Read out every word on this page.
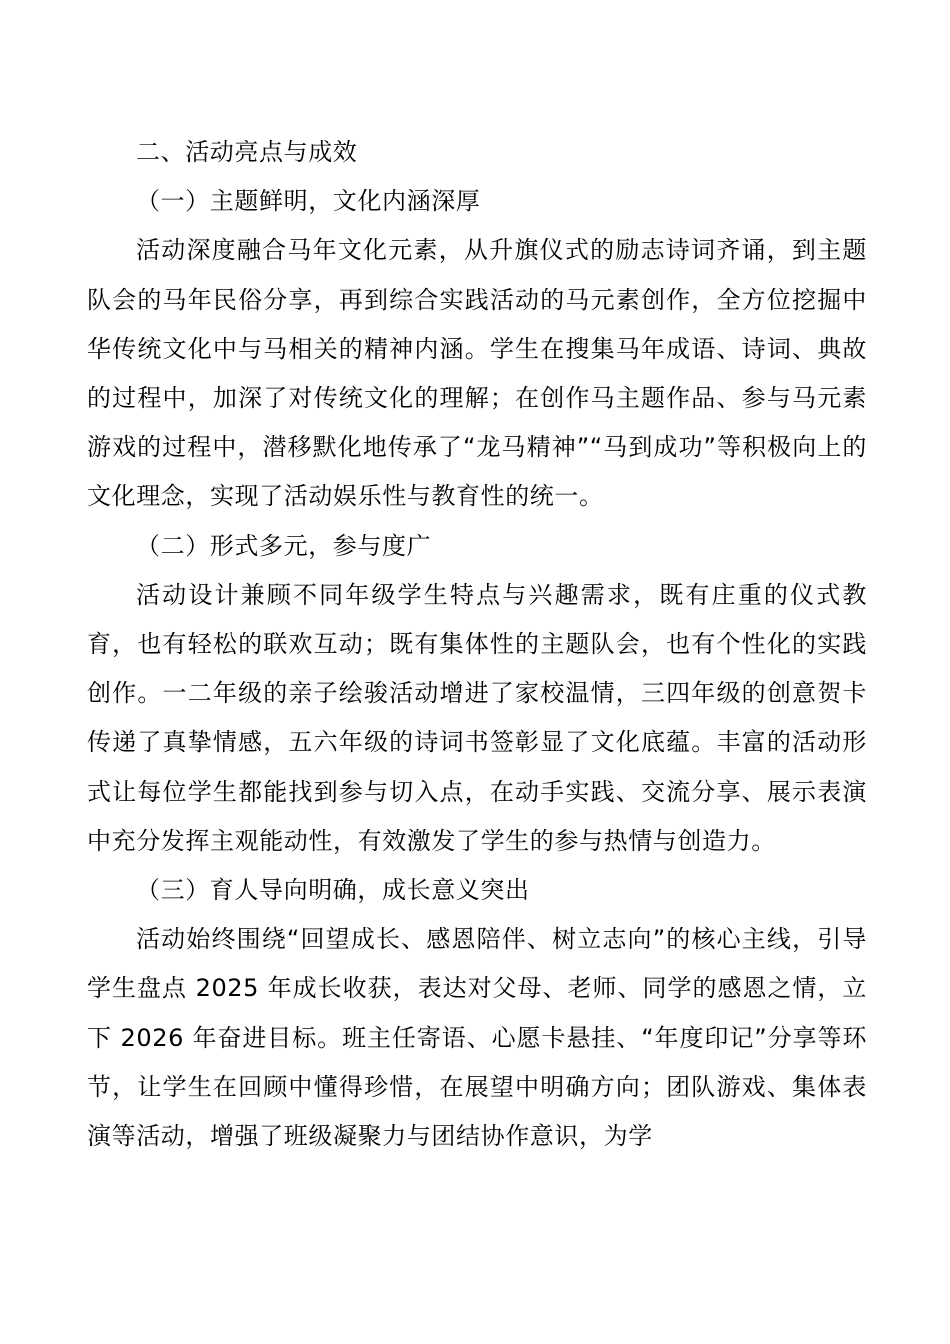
二、活动亮点与成效

（一）主题鲜明，文化内涵深厚

活动深度融合马年文化元素，从升旗仪式的励志诗词齐诵，到主题队会的马年民俗分享，再到综合实践活动的马元素创作，全方位挖掘中华传统文化中与马相关的精神内涵。学生在搜集马年成语、诗词、典故的过程中，加深了对传统文化的理解；在创作马主题作品、参与马元素游戏的过程中，潜移默化地传承了“龙马精神”“马到成功”等积极向上的文化理念，实现了活动娱乐性与教育性的统一。

（二）形式多元，参与度广

活动设计兼顾不同年级学生特点与兴趣需求，既有庄重的仪式教育，也有轻松的联欢互动；既有集体性的主题队会，也有个性化的实践创作。一二年级的亲子绘骏活动增进了家校温情，三四年级的创意贺卡传递了真挚情感，五六年级的诗词书签彰显了文化底蕴。丰富的活动形式让每位学生都能找到参与切入点，在动手实践、交流分享、展示表演中充分发挥主观能动性，有效激发了学生的参与热情与创造力。

（三）育人导向明确，成长意义突出

活动始终围绕“回望成长、感恩陪伴、树立志向”的核心主线，引导学生盘点 2025 年成长收获，表达对父母、老师、同学的感恩之情，立下 2026 年奋进目标。班主任寄语、心愿卡悬挂、“年度印记”分享等环节，让学生在回顾中懂得珍惜，在展望中明确方向；团队游戏、集体表演等活动，增强了班级凝聚力与团结协作意识，为学
